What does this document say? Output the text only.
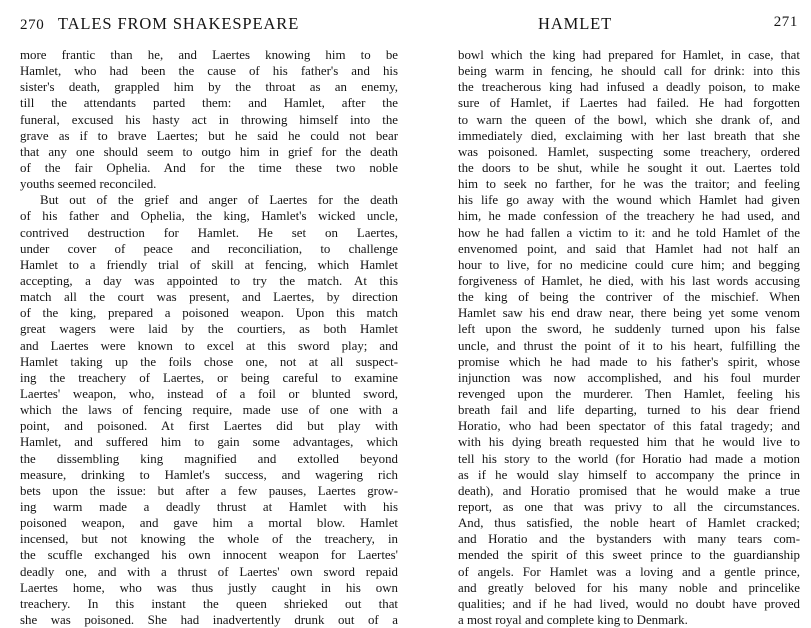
270 TALES FROM SHAKESPEARE
more frantic than he, and Laertes knowing him to be
Hamlet, who had been the cause of his father's and his
sister's death, grappled him by the throat as an enemy,
till the attendants parted them: and Hamlet, after the
funeral, excused his hasty act in throwing himself into the
grave as if to brave Laertes; but he said he could not bear
that any one should seem to outgo him in grief for the death
of the fair Ophelia. And for the time these two noble
youths seemed reconciled.
But out of the grief and anger of Laertes for the death
of his father and Ophelia, the king, Hamlet's wicked uncle,
contrived destruction for Hamlet. He set on Laertes,
under cover of peace and reconciliation, to challenge
Hamlet to a friendly trial of skill at fencing, which Hamlet
accepting, a day was appointed to try the match. At this
match all the court was present, and Laertes, by direction
of the king, prepared a poisoned weapon. Upon this match
great wagers were laid by the courtiers, as both Hamlet
and Laertes were known to excel at this sword play; and
Hamlet taking up the foils chose one, not at all suspect-
ing the treachery of Laertes, or being careful to examine
Laertes' weapon, who, instead of a foil or blunted sword,
which the laws of fencing require, made use of one with a
point, and poisoned. At first Laertes did but play with
Hamlet, and suffered him to gain some advantages, which
the dissembling king magnified and extolled beyond
measure, drinking to Hamlet's success, and wagering rich
bets upon the issue: but after a few pauses, Laertes grow-
ing warm made a deadly thrust at Hamlet with his
poisoned weapon, and gave him a mortal blow. Hamlet
incensed, but not knowing the whole of the treachery, in
the scuffle exchanged his own innocent weapon for Laertes'
deadly one, and with a thrust of Laertes' own sword repaid
Laertes home, who was thus justly caught in his own
treachery. In this instant the queen shrieked out that
she was poisoned. She had inadvertently drunk out of a
HAMLET	271
bowl which the king had prepared for Hamlet, in case, that
being warm in fencing, he should call for drink: into this
the treacherous king had infused a deadly poison, to make
sure of Hamlet, if Laertes had failed. He had forgotten
to warn the queen of the bowl, which she drank of, and
immediately died, exclaiming with her last breath that she
was poisoned. Hamlet, suspecting some treachery, ordered
the doors to be shut, while he sought it out. Laertes told
him to seek no farther, for he was the traitor; and feeling
his life go away with the wound which Hamlet had given
him, he made confession of the treachery he had used, and
how he had fallen a victim to it: and he told Hamlet of the
envenomed point, and said that Hamlet had not half an
hour to live, for no medicine could cure him; and begging
forgiveness of Hamlet, he died, with his last words accusing
the king of being the contriver of the mischief. When
Hamlet saw his end draw near, there being yet some venom
left upon the sword, he suddenly turned upon his false
uncle, and thrust the point of it to his heart, fulfilling the
promise which he had made to his father's spirit, whose
injunction was now accomplished, and his foul murder
revenged upon the murderer. Then Hamlet, feeling his
breath fail and life departing, turned to his dear friend
Horatio, who had been spectator of this fatal tragedy; and
with his dying breath requested him that he would live to
tell his story to the world (for Horatio had made a motion
as if he would slay himself to accompany the prince in
death), and Horatio promised that he would make a true
report, as one that was privy to all the circumstances.
And, thus satisfied, the noble heart of Hamlet cracked;
and Horatio and the bystanders with many tears com-
mended the spirit of this sweet prince to the guardianship
of angels. For Hamlet was a loving and a gentle prince,
and greatly beloved for his many noble and princelike
qualities; and if he had lived, would no doubt have proved
a most royal and complete king to Denmark.
